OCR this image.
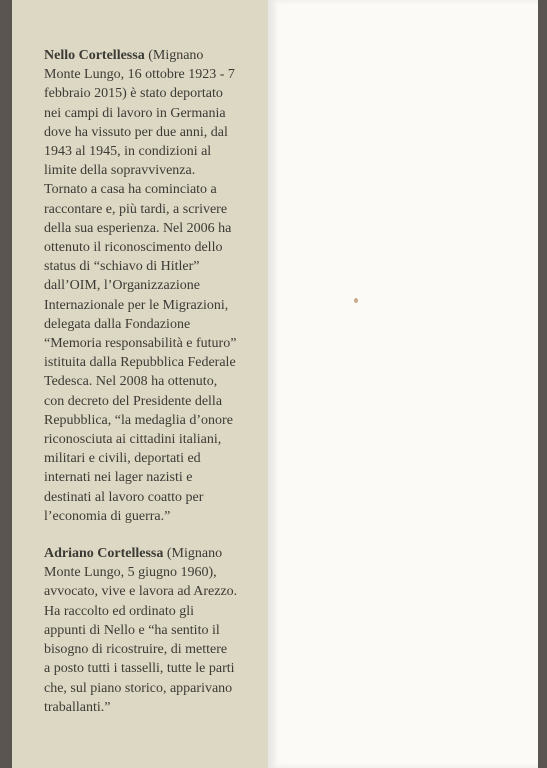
Nello Cortellessa (Mignano
Monte Lungo, 16 ottobre 1923 - 7
febbraio 2015) è stato deportato
nei campi di lavoro in Germania
dove ha vissuto per due anni, dal
1943 al 1945, in condizioni al
limite della sopravvivenza.
Tornato a casa ha cominciato a
raccontare e, più tardi, a scrivere
della sua esperienza. Nel 2006 ha
ottenuto il riconoscimento dello
status di “schiavo di Hitler”
dall’OIM, l’Organizzazione
Internazionale per le Migrazioni,
delegata dalla Fondazione
“Memoria responsabilità e futuro”
istituita dalla Repubblica Federale
Tedesca. Nel 2008 ha ottenuto,
con decreto del Presidente della
Repubblica, “la medaglia d’onore
riconosciuta ai cittadini italiani,
militari e civili, deportati ed
internati nei lager nazisti e
destinati al lavoro coatto per
l’economia di guerra.”
Adriano Cortellessa (Mignano
Monte Lungo, 5 giugno 1960),
avvocato, vive e lavora ad Arezzo.
Ha raccolto ed ordinato gli
appunti di Nello e “ha sentito il
bisogno di ricostruire, di mettere
a posto tutti i tasselli, tutte le parti
che, sul piano storico, apparivano
traballanti.”
